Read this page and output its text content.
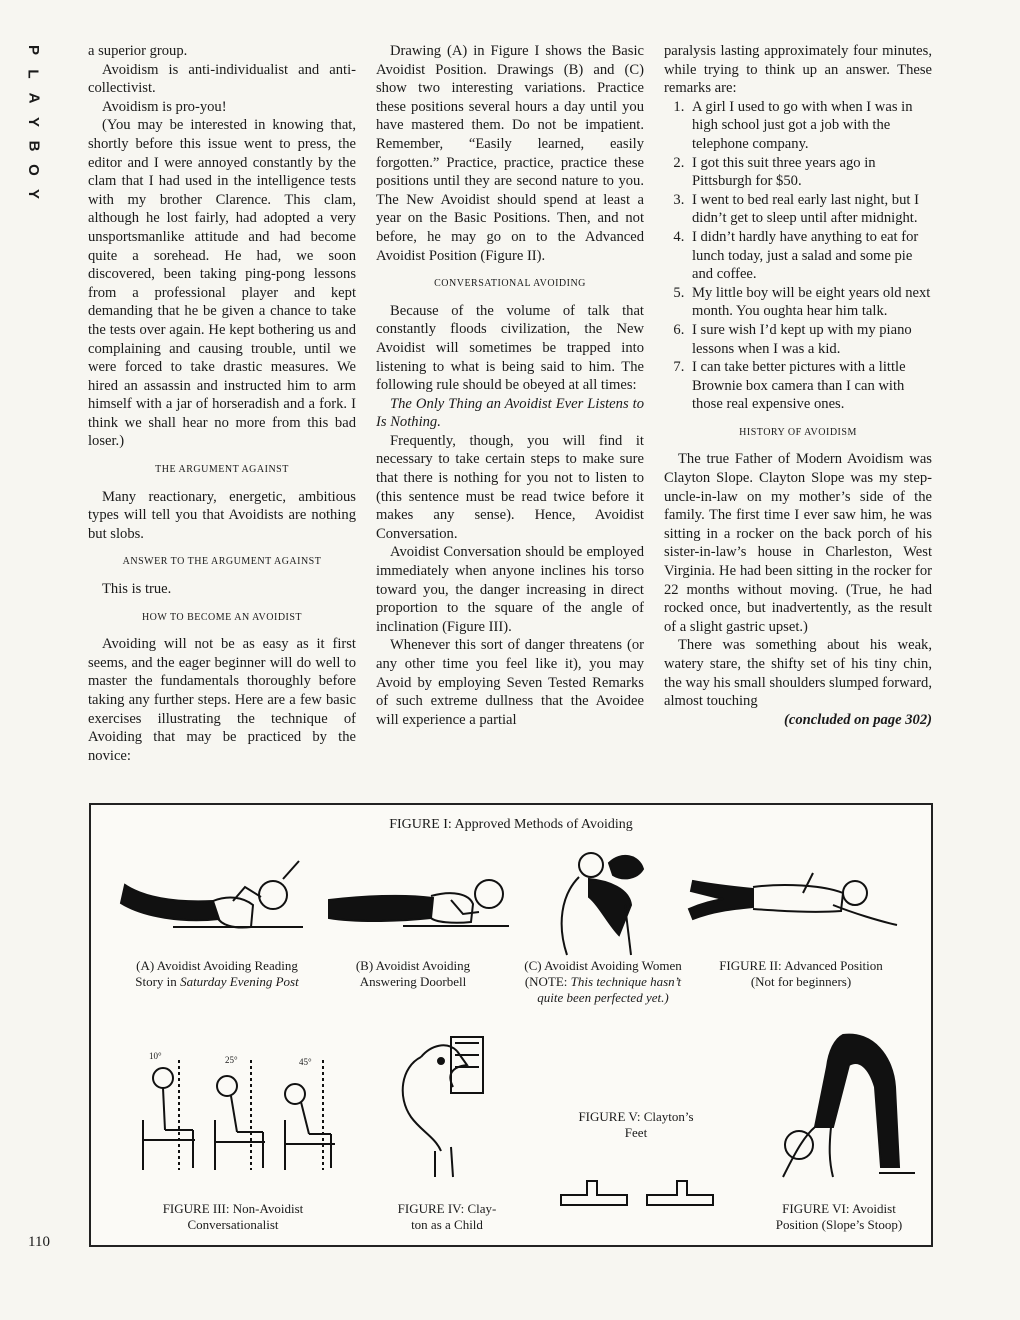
P
L
A
Y
B
O
Y

a superior group.

Avoidism is anti-individualist and anti-collectivist.

Avoidism is pro-you!

(You may be interested in knowing that, shortly before this issue went to press, the editor and I were annoyed constantly by the clam that I had used in the intelligence tests with my brother Clarence. This clam, although he lost fairly, had adopted a very unsportsmanlike attitude and had become quite a sorehead. He had, we soon discovered, been taking ping-pong lessons from a professional player and kept demanding that he be given a chance to take the tests over again. He kept bothering us and complaining and causing trouble, until we were forced to take drastic measures. We hired an assassin and instructed him to arm himself with a jar of horseradish and a fork. I think we shall hear no more from this bad loser.)

THE ARGUMENT AGAINST

Many reactionary, energetic, ambitious types will tell you that Avoidists are nothing but slobs.

ANSWER TO THE ARGUMENT AGAINST

This is true.

HOW TO BECOME AN AVOIDIST

Avoiding will not be as easy as it first seems, and the eager beginner will do well to master the fundamentals thoroughly before taking any further steps. Here are a few basic exercises illustrating the technique of Avoiding that may be practiced by the novice:

Drawing (A) in Figure I shows the Basic Avoidist Position. Drawings (B) and (C) show two interesting variations. Practice these positions several hours a day until you have mastered them. Do not be impatient. Remember, “Easily learned, easily forgotten.” Practice, practice, practice these positions until they are second nature to you. The New Avoidist should spend at least a year on the Basic Positions. Then, and not before, he may go on to the Advanced Avoidist Position (Figure II).

CONVERSATIONAL AVOIDING

Because of the volume of talk that constantly floods civilization, the New Avoidist will sometimes be trapped into listening to what is being said to him. The following rule should be obeyed at all times:

The Only Thing an Avoidist Ever Listens to Is Nothing.

Frequently, though, you will find it necessary to take certain steps to make sure that there is nothing for you not to listen to (this sentence must be read twice before it makes any sense). Hence, Avoidist Conversation.

Avoidist Conversation should be employed immediately when anyone inclines his torso toward you, the danger increasing in direct proportion to the square of the angle of inclination (Figure III).

Whenever this sort of danger threatens (or any other time you feel like it), you may Avoid by employing Seven Tested Remarks of such extreme dullness that the Avoidee will experience a partial

paralysis lasting approximately four minutes, while trying to think up an answer. These remarks are:

1. A girl I used to go with when I was in high school just got a job with the telephone company.
2. I got this suit three years ago in Pittsburgh for $50.
3. I went to bed real early last night, but I didn’t get to sleep until after midnight.
4. I didn’t hardly have anything to eat for lunch today, just a salad and some pie and coffee.
5. My little boy will be eight years old next month. You oughta hear him talk.
6. I sure wish I’d kept up with my piano lessons when I was a kid.
7. I can take better pictures with a little Brownie box camera than I can with those real expensive ones.
HISTORY OF AVOIDISM

The true Father of Modern Avoidism was Clayton Slope. Clayton Slope was my step-uncle-in-law on my mother’s side of the family. The first time I ever saw him, he was sitting in a rocker on the back porch of his sister-in-law’s house in Charleston, West Virginia. He had been sitting in the rocker for 22 months without moving. (True, he had rocked once, but inadvertently, as the result of a slight gastric upset.)

There was something about his weak, watery stare, the shifty set of his tiny chin, the way his small shoulders slumped forward, almost touching

(concluded on page 302)

FIGURE I: Approved Methods of Avoiding
(A) Avoidist Avoiding Reading
Story in Saturday Evening Post
(B) Avoidist Avoiding
Answering Doorbell
(C) Avoidist Avoiding Women
(NOTE: This technique hasn’t
quite been perfected yet.)
FIGURE II: Advanced Position
(Not for beginners)
10°	25°	45°
FIGURE III: Non-Avoidist
Conversationalist
FIGURE IV: Clay-
ton as a Child
FIGURE V: Clayton’s
Feet
FIGURE VI: Avoidist
Position (Slope’s Stoop)
110
